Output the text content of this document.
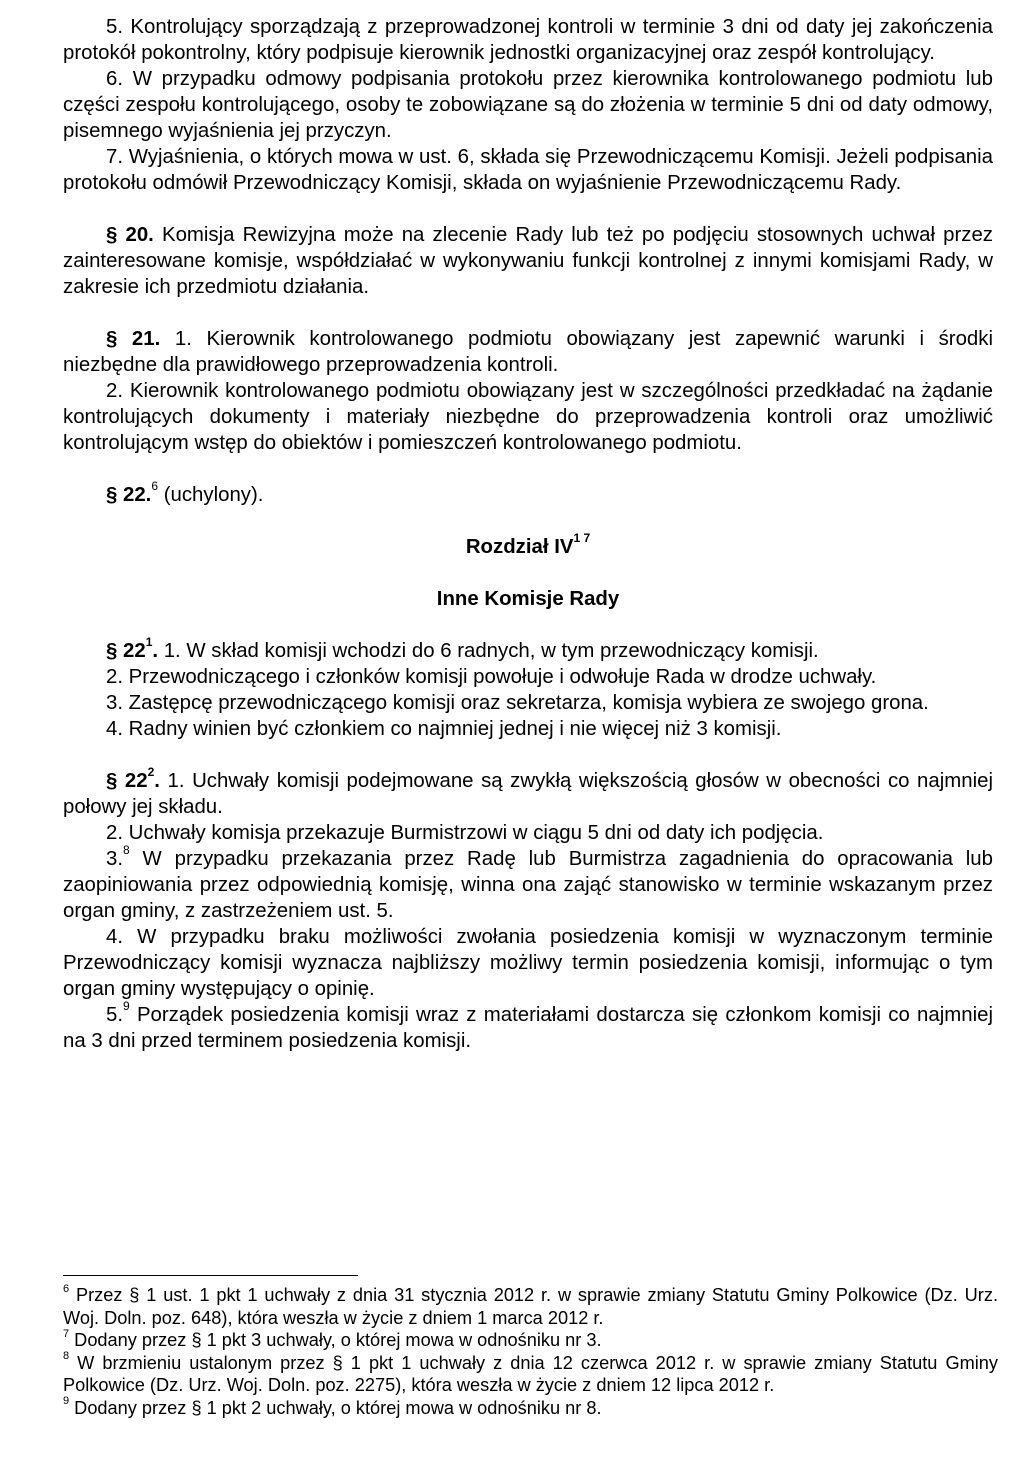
5. Kontrolujący sporządzają z przeprowadzonej kontroli w terminie 3 dni od daty jej zakończenia protokół pokontrolny, który podpisuje kierownik jednostki organizacyjnej oraz zespół kontrolujący.

6. W przypadku odmowy podpisania protokołu przez kierownika kontrolowanego podmiotu lub części zespołu kontrolującego, osoby te zobowiązane są do złożenia w terminie 5 dni od daty odmowy, pisemnego wyjaśnienia jej przyczyn.

7. Wyjaśnienia, o których mowa w ust. 6, składa się Przewodniczącemu Komisji. Jeżeli podpisania protokołu odmówił Przewodniczący Komisji, składa on wyjaśnienie Przewodniczącemu Rady.

§ 20. Komisja Rewizyjna może na zlecenie Rady lub też po podjęciu stosownych uchwał przez zainteresowane komisje, współdziałać w wykonywaniu funkcji kontrolnej z innymi komisjami Rady, w zakresie ich przedmiotu działania.

§ 21. 1. Kierownik kontrolowanego podmiotu obowiązany jest zapewnić warunki i środki niezbędne dla prawidłowego przeprowadzenia kontroli.

2. Kierownik kontrolowanego podmiotu obowiązany jest w szczególności przedkładać na żądanie kontrolujących dokumenty i materiały niezbędne do przeprowadzenia kontroli oraz umożliwić kontrolującym wstęp do obiektów i pomieszczeń kontrolowanego podmiotu.

§ 22.$^6$ (uchylony).

Rozdział $IV^{1 7}$

Inne Komisje Rady

§ $22^1$. 1. W skład komisji wchodzi do 6 radnych, w tym przewodniczący komisji.

2. Przewodniczącego i członków komisji powołuje i odwołuje Rada w drodze uchwały.

3. Zastępcę przewodniczącego komisji oraz sekretarza, komisja wybiera ze swojego grona.

4. Radny winien być członkiem co najmniej jednej i nie więcej niż 3 komisji.

§ $22^2$. 1. Uchwały komisji podejmowane są zwykłą większością głosów w obecności co najmniej połowy jej składu.

2. Uchwały komisja przekazuje Burmistrzowi w ciągu 5 dni od daty ich podjęcia.

3.$^8$ W przypadku przekazania przez Radę lub Burmistrza zagadnienia do opracowania lub zaopiniowania przez odpowiednią komisję, winna ona zająć stanowisko w terminie wskazanym przez organ gminy, z zastrzeżeniem ust. 5.

4. W przypadku braku możliwości zwołania posiedzenia komisji w wyznaczonym terminie Przewodniczący komisji wyznacza najbliższy możliwy termin posiedzenia komisji, informując o tym organ gminy występujący o opinię.

5.$^9$ Porządek posiedzenia komisji wraz z materiałami dostarcza się członkom komisji co najmniej na 3 dni przed terminem posiedzenia komisji.

$^6$ Przez § 1 ust. 1 pkt 1 uchwały z dnia 31 stycznia 2012 r. w sprawie zmiany Statutu Gminy Polkowice (Dz. Urz. Woj. Doln. poz. 648), która weszła w życie z dniem 1 marca 2012 r.

$^7$ Dodany przez § 1 pkt 3 uchwały, o której mowa w odnośniku nr 3.

$^8$ W brzmieniu ustalonym przez § 1 pkt 1 uchwały z dnia 12 czerwca 2012 r. w sprawie zmiany Statutu Gminy Polkowice (Dz. Urz. Woj. Doln. poz. 2275), która weszła w życie z dniem 12 lipca 2012 r.

$^9$ Dodany przez § 1 pkt 2 uchwały, o której mowa w odnośniku nr 8.
